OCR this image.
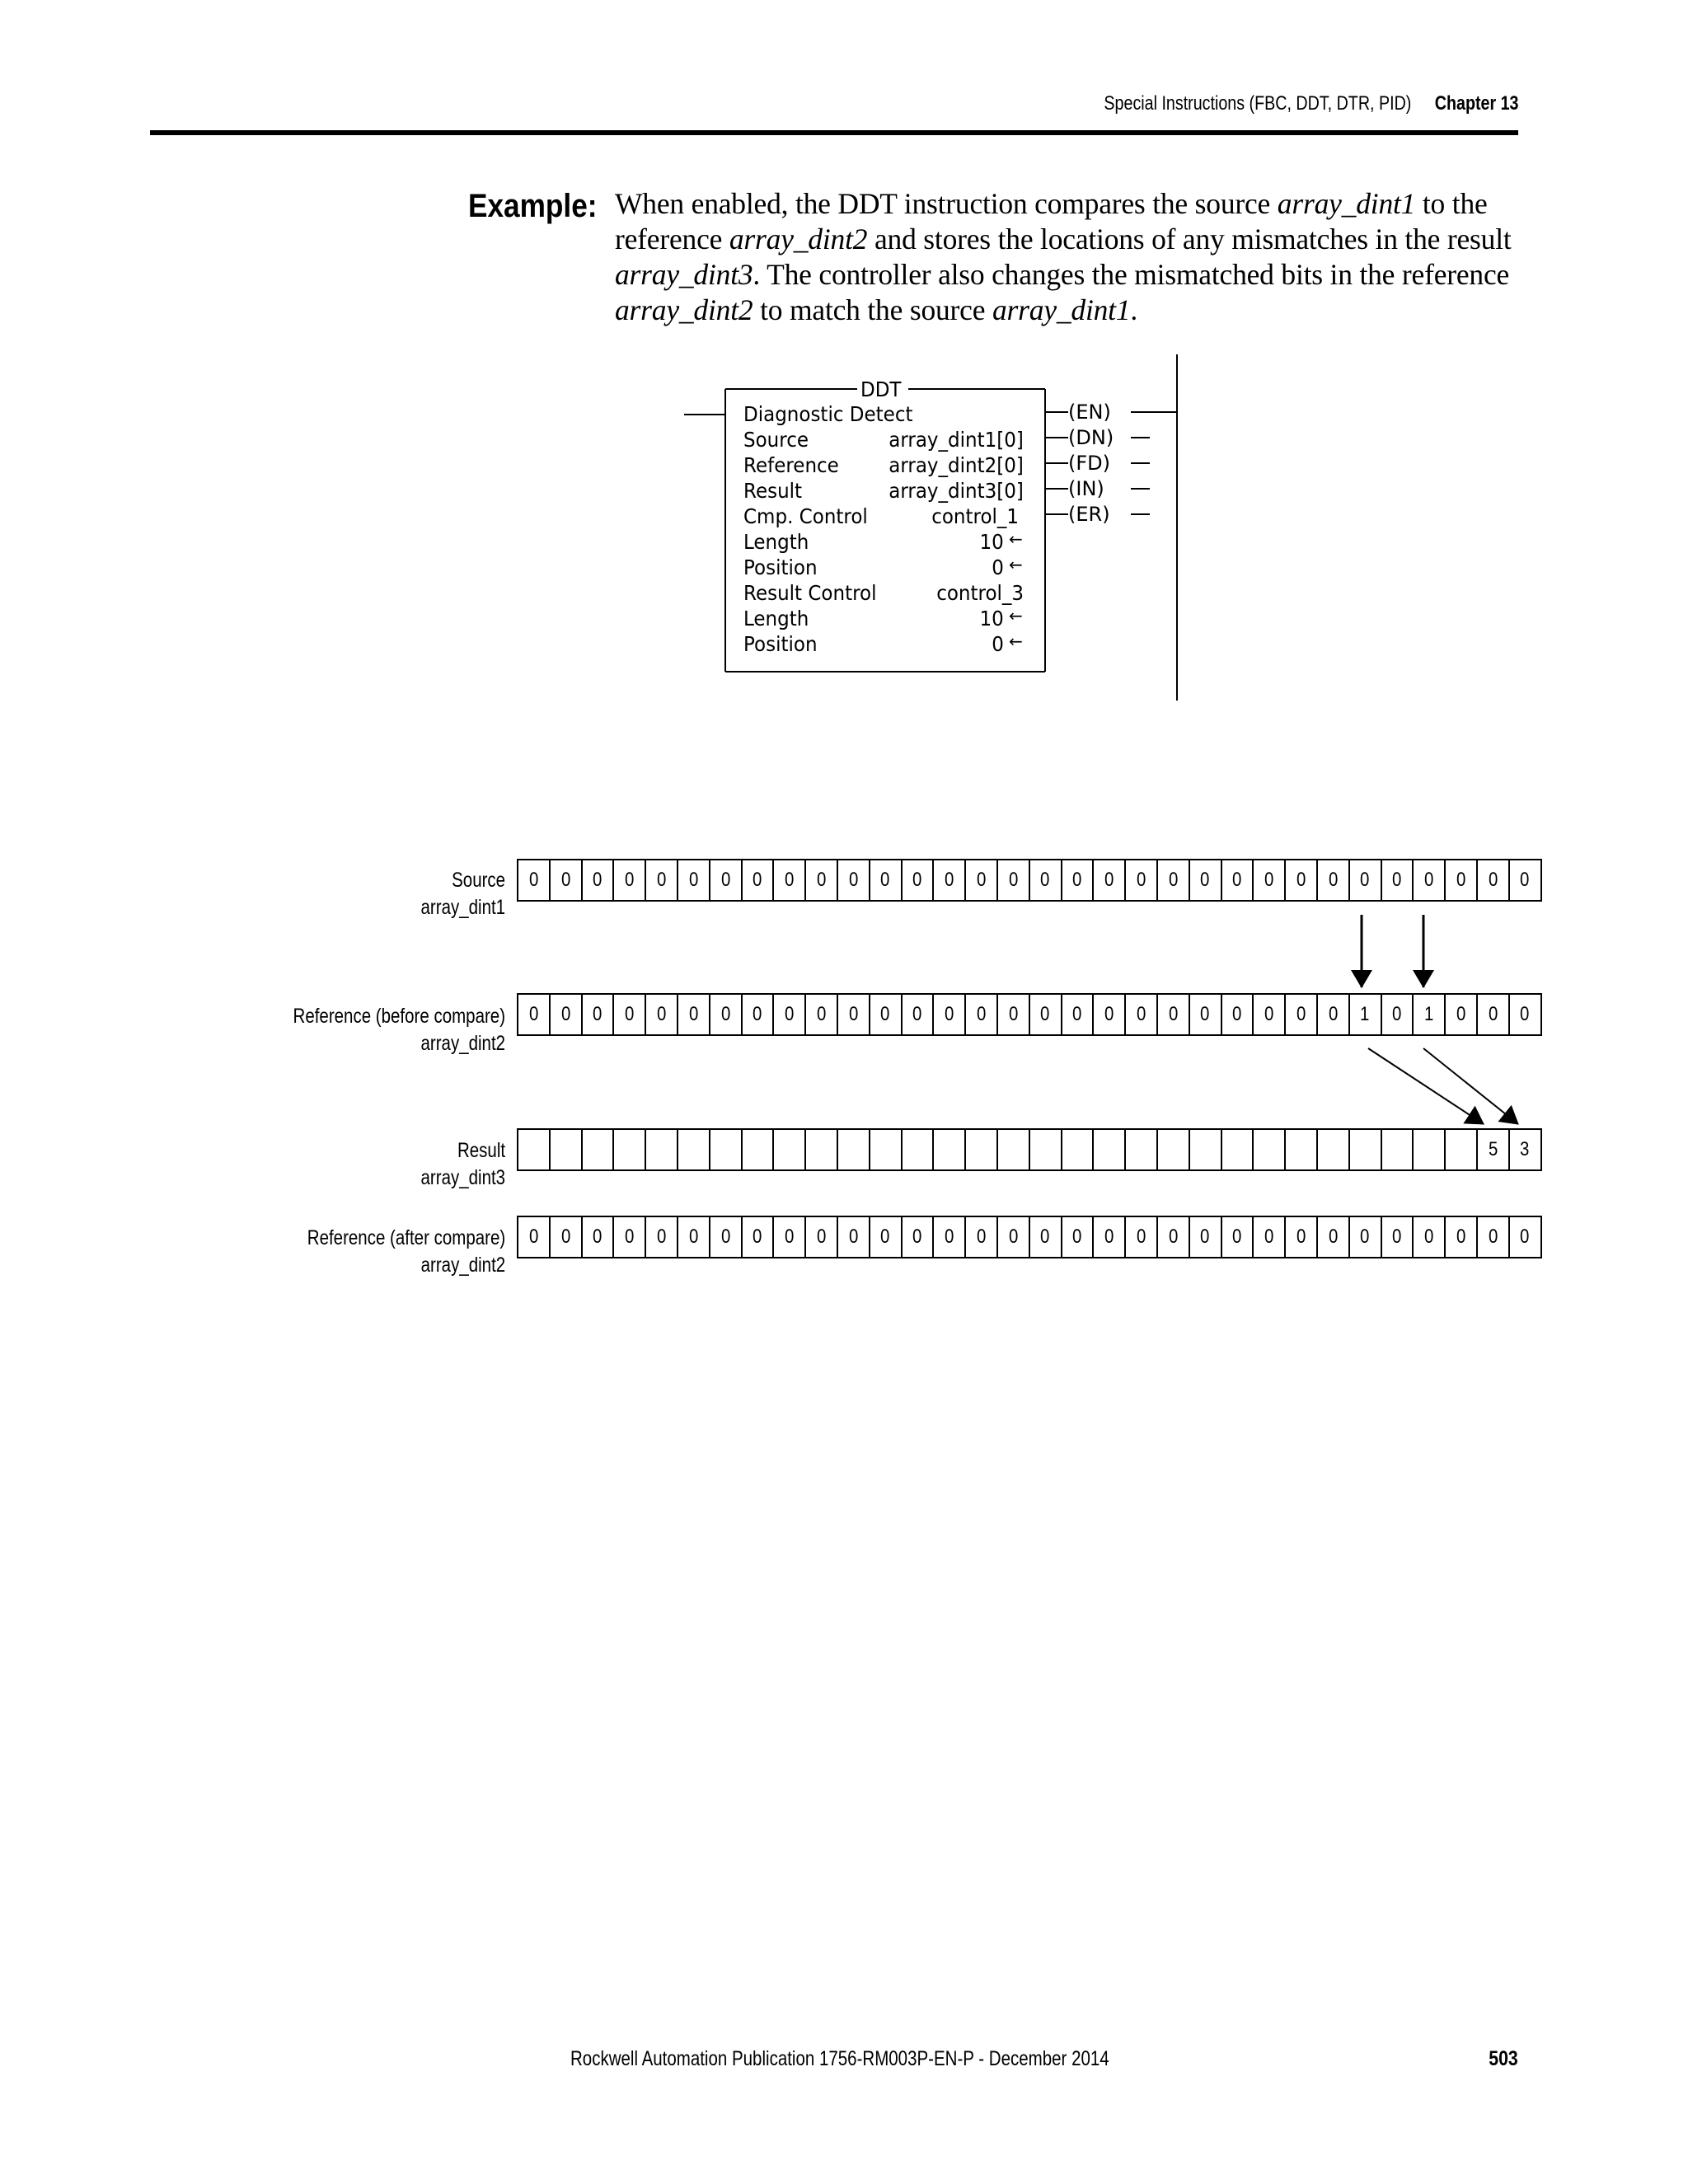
Special Instructions (FBC, DDT, DTR, PID) Chapter 13
Example: When enabled, the DDT instruction compares the source array_dint1 to the reference array_dint2 and stores the locations of any mismatches in the result array_dint3. The controller also changes the mismatched bits in the reference array_dint2 to match the source array_dint1.
DDT
Diagnostic Detect
Source	array_dint1[0]
Reference array_dint2[0]
Result	array_dint3[0]
Cmp. Control	control_1
Length	10
Position	0
Result Control	control_3
Length	10
Position	0
←
←
←
←
(EN)
(DN)
(FD)
(IN)
(ER)
Source
array_dint1
0 0 0 0 0 0 0 0 0 0 0 0 0 0 0 0 0 0 0 0 0 0 0 0 0 0 0 0 0 0 0 0
Reference (before compare)
array_dint2
0 0 0 0 0 0 0 0 0 0 0 0 0 0 0 0 0 0 0 0 0 0 0 0 0 0 1 0 1 0 0 0
Result
array_dint3
5 3
Reference (after compare)
array_dint2
0 0 0 0 0 0 0 0 0 0 0 0 0 0 0 0 0 0 0 0 0 0 0 0 0 0 0 0 0 0 0 0
Rockwell Automation Publication 1756-RM003P-EN-P - December 2014	503
